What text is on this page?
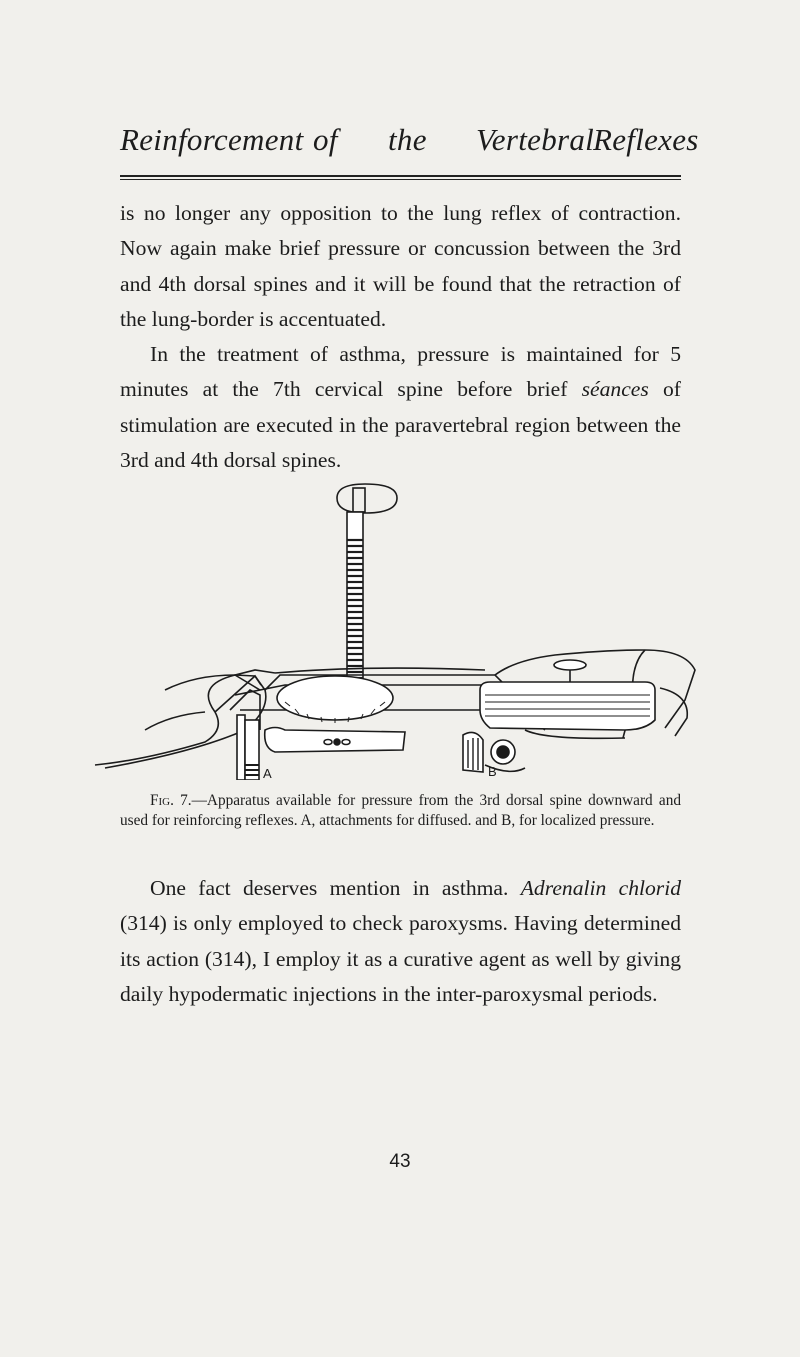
Reinforcement of the Vertebral
Reflexes

is no longer any opposition to the lung reflex of contraction. Now again make brief pressure or concussion between the 3rd and 4th dorsal spines and it will be found that the retraction of the lung-border is accentuated.

In the treatment of asthma, pressure is maintained for 5 minutes at the 7th cervical spine before brief séances of stimulation are executed in the paravertebral region between the 3rd and 4th dorsal spines.

A	B
Fig. 7.—Apparatus available for pressure from the 3rd dorsal spine downward and used for reinforcing reflexes. A, attachments for diffused. and B, for localized pressure.

One fact deserves mention in asthma. Adrenalin chlorid (314) is only employed to check paroxysms. Having determined its action (314), I employ it as a curative agent as well by giving daily hypodermatic injections in the inter-paroxysmal periods.

43
